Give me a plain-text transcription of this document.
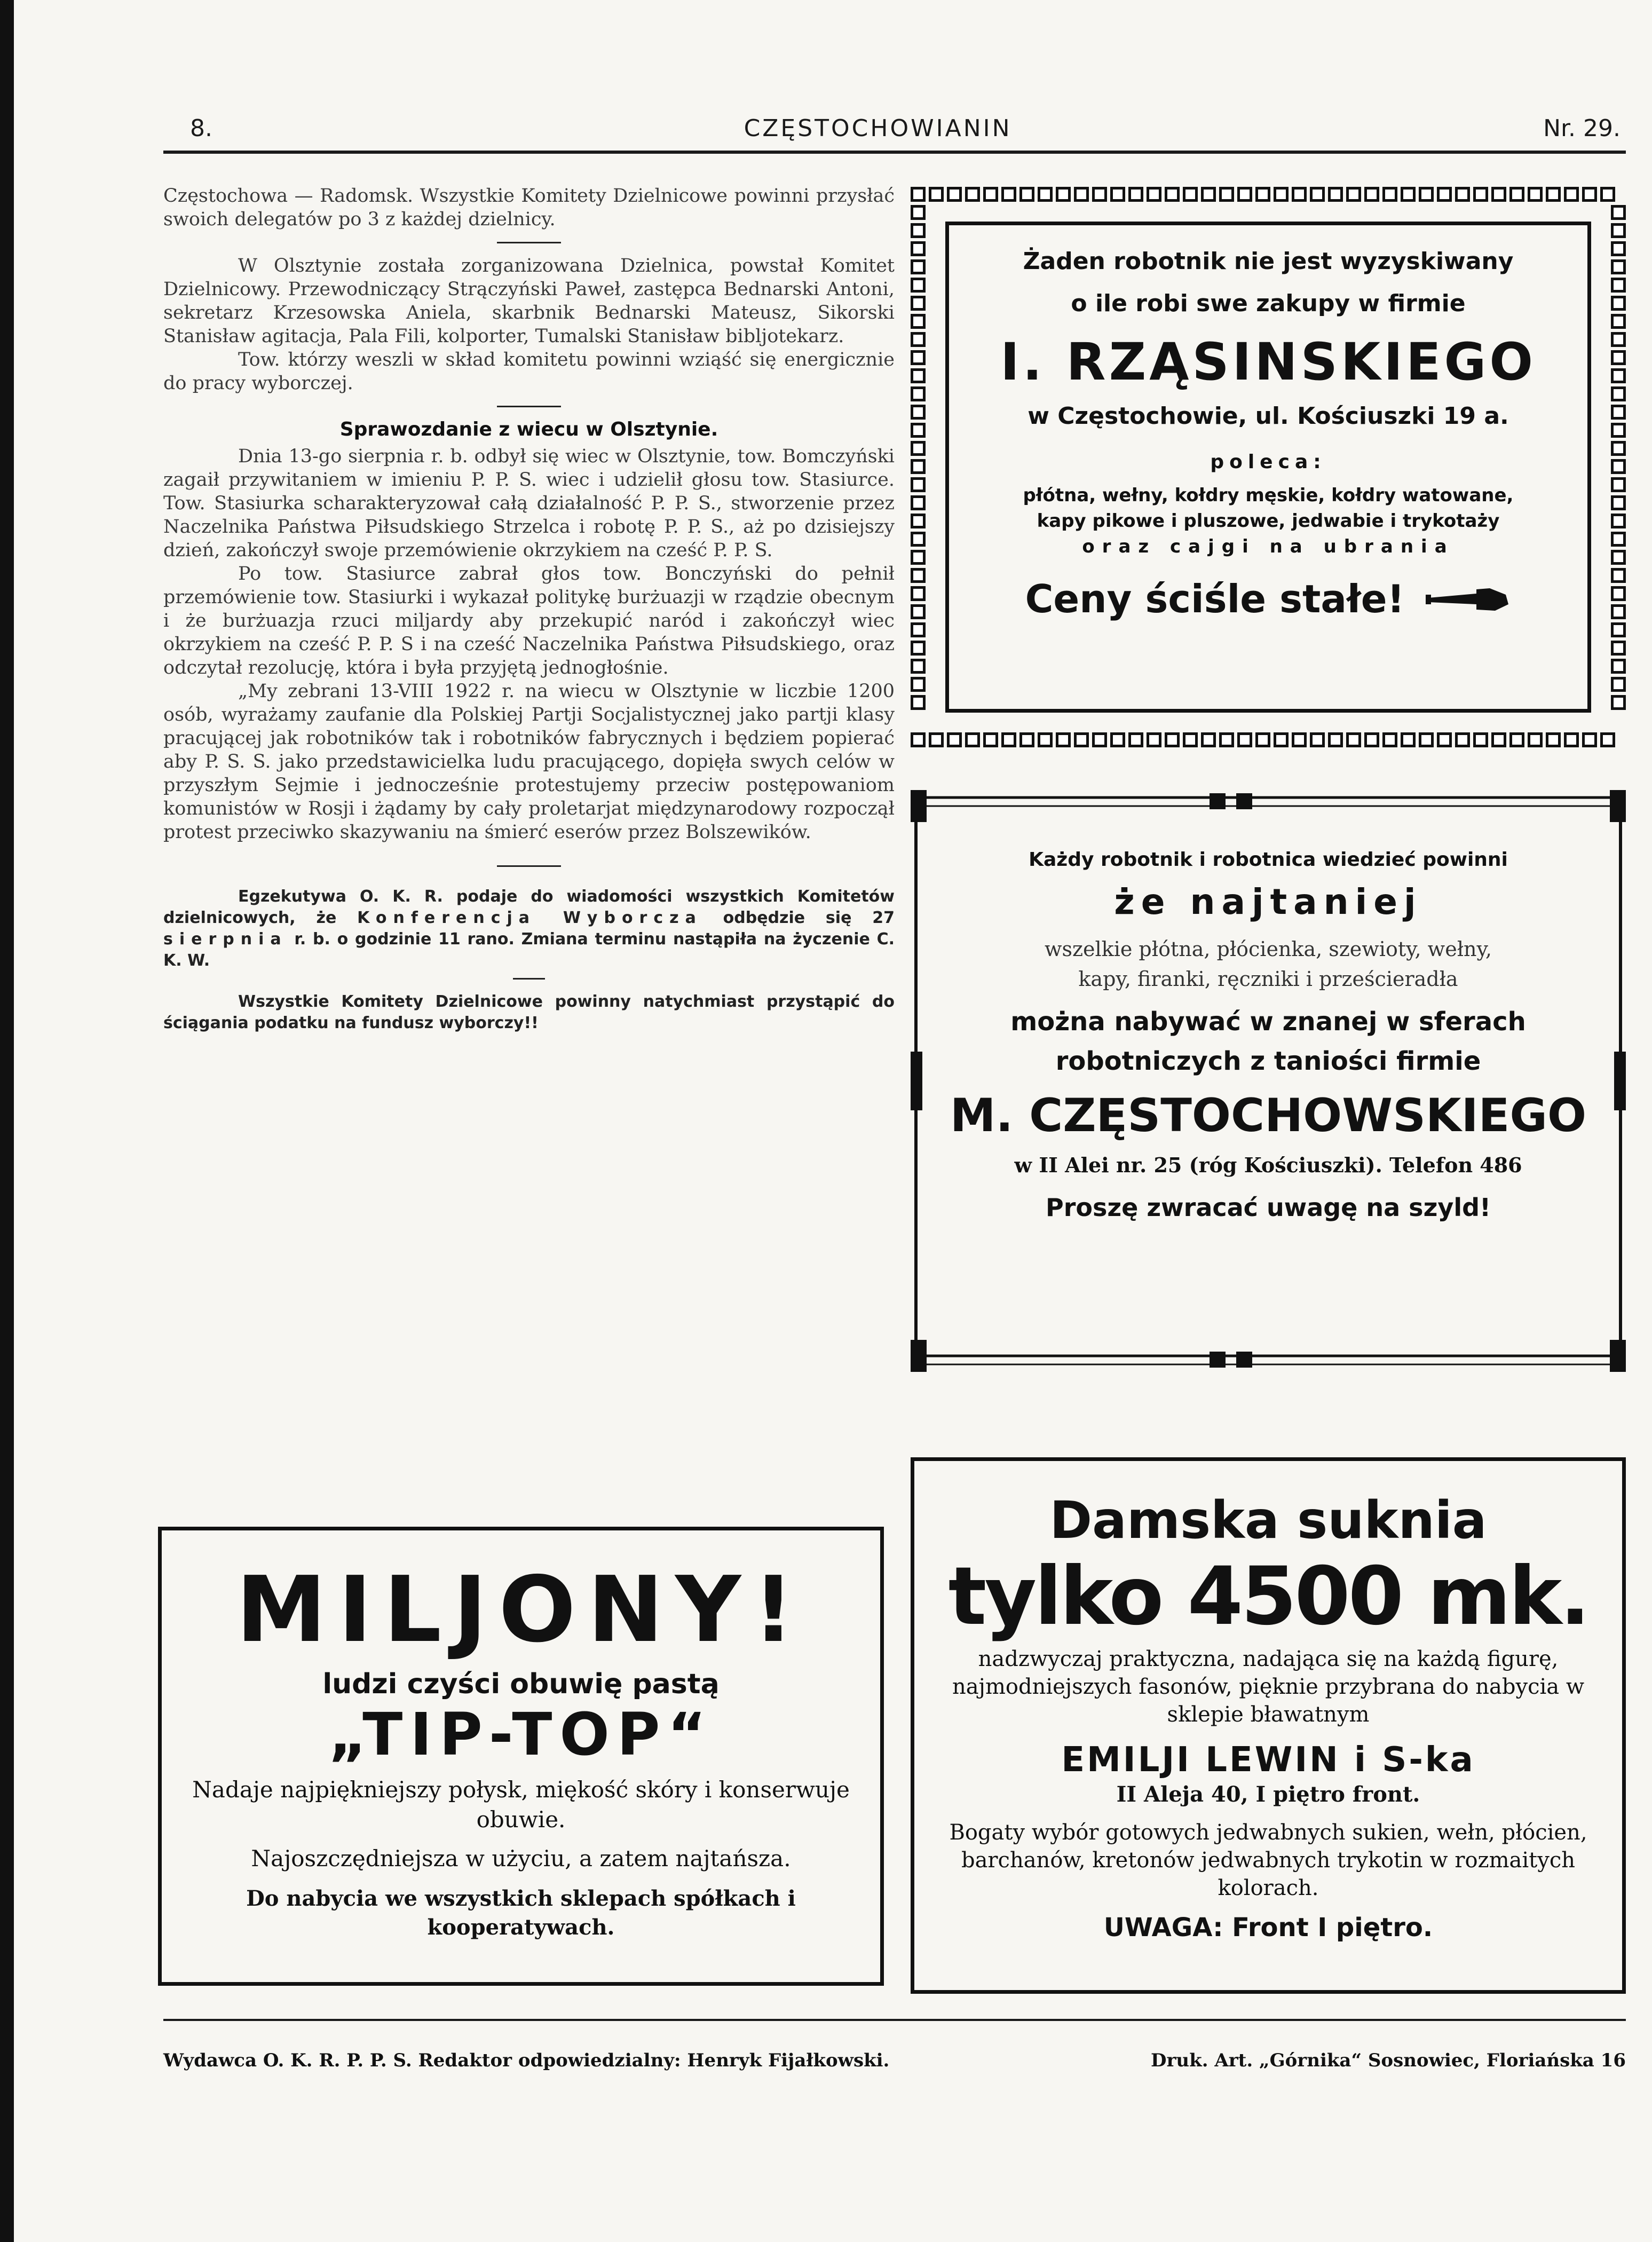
8.	CZĘSTOCHOWIANIN	Nr. 29.

Częstochowa — Radomsk. Wszystkie Komitety Dzielnicowe powinni przysłać swoich delegatów po 3 z każdej dzielnicy.

W Olsztynie została zorganizowana Dzielnica, powstał Komitet Dzielnicowy. Przewodniczący Strączyński Paweł, zastępca Bednarski Antoni, sekretarz Krzesowska Aniela, skarbnik Bednarski Mateusz, Sikorski Stanisław agitacja, Pala Fili, kolporter, Tumalski Stanisław bibljotekarz.

Tow. którzy weszli w skład komitetu powinni wziąść się energicznie do pracy wyborczej.

Sprawozdanie z wiecu w Olsztynie.

Dnia 13-go sierpnia r. b. odbył się wiec w Olsztynie, tow. Bomczyński zagaił przywitaniem w imieniu P. P. S. wiec i udzielił głosu tow. Stasiurce. Tow. Stasiurka scharakteryzował całą działalność P. P. S., stworzenie przez Naczelnika Państwa Piłsudskiego Strzelca i robotę P. P. S., aż po dzisiejszy dzień, zakończył swoje przemówienie okrzykiem na cześć P. P. S.

Po tow. Stasiurce zabrał głos tow. Bonczyński do pełnił przemówienie tow. Stasiurki i wykazał politykę burżuazji w rządzie obecnym i że burżuazja rzuci miljardy aby przekupić naród i zakończył wiec okrzykiem na cześć P. P. S i na cześć Naczelnika Państwa Piłsudskiego, oraz odczytał rezolucję, która i była przyjętą jednogłośnie.

„My zebrani 13-VIII 1922 r. na wiecu w Olsztynie w liczbie 1200 osób, wyrażamy zaufanie dla Polskiej Partji Socjalistycznej jako partji klasy pracującej jak robotników tak i robotników fabrycznych i będziem popierać aby P. S. S. jako przedstawicielka ludu pracującego, dopięła swych celów w przyszłym Sejmie i jednocześnie protestujemy przeciw postępowaniom komunistów w Rosji i żądamy by cały proletarjat międzynarodowy rozpoczął protest przeciwko skazywaniu na śmierć eserów przez Bolszewików.

Egzekutywa O. K. R. podaje do wiadomości wszystkich Komitetów dzielnicowych, że Konferencja Wyborcza odbędzie się 27 sierpnia r. b. o godzinie 11 rano. Zmiana terminu nastąpiła na życzenie C. K. W.

Wszystkie Komitety Dzielnicowe powinny natychmiast przystąpić do ściągania podatku na fundusz wyborczy!!

Żaden robotnik nie jest wyzyskiwany
o ile robi swe zakupy w firmie
I. RZĄSINSKIEGO
w Częstochowie, ul. Kościuszki 19 a.
poleca:
płótna, wełny, kołdry męskie, kołdry watowane,
kapy pikowe i pluszowe, jedwabie i trykotaży
oraz cajgi na ubrania
Ceny ściśle stałe!
Każdy robotnik i robotnica wiedzieć powinni
że najtaniej
wszelkie płótna, płócienka, szewioty, wełny,
kapy, firanki, ręczniki i prześcieradła
można nabywać w znanej w sferach
robotniczych z taniości firmie
M. CZĘSTOCHOWSKIEGO
w II Alei nr. 25 (róg Kościuszki). Telefon 486
Proszę zwracać uwagę na szyld!
MILJONY!
ludzi czyści obuwię pastą
„TIP-TOP“
Nadaje najpiękniejszy połysk, miękość skóry i konserwuje obuwie.
Najoszczędniejsza w użyciu, a zatem najtańsza.
Do nabycia we wszystkich sklepach spółkach i kooperatywach.
Damska suknia
tylko 4500 mk.
nadzwyczaj praktyczna, nadająca się na każdą figurę, najmodniejszych fasonów, pięknie przybrana do nabycia w sklepie bławatnym
EMILJI LEWIN i S-ka
II Aleja 40, I piętro front.
Bogaty wybór gotowych jedwabnych sukien, wełn, płócien, barchanów, kretonów jedwabnych trykotin w rozmaitych kolorach.
UWAGA: Front I piętro.
Wydawca O. K. R. P. P. S. Redaktor odpowiedzialny: Henryk Fijałkowski.	Druk. Art. „Górnika“ Sosnowiec, Floriańska 16
